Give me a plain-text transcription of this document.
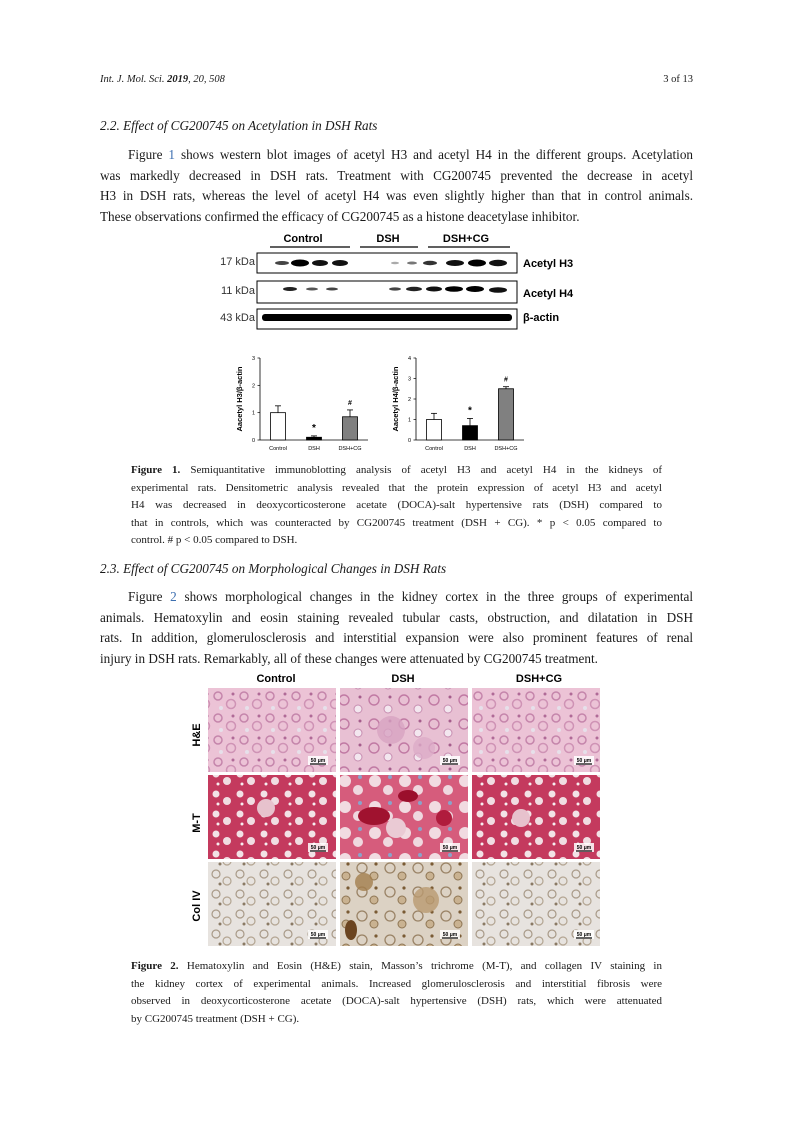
Int. J. Mol. Sci. 2019, 20, 508	3 of 13
2.2. Effect of CG200745 on Acetylation in DSH Rats
Figure 1 shows western blot images of acetyl H3 and acetyl H4 in the different groups. Acetylation
was markedly decreased in DSH rats. Treatment with CG200745 prevented the decrease in acetyl
H3 in DSH rats, whereas the level of acetyl H4 was even slightly higher than that in control animals.
These observations confirmed the efficacy of CG200745 as a histone deacetylase inhibitor.
Control	DSH	DSH+CG
17 kDa	Acetyl H3
11 kDa	Acetyl H4
43 kDa	β-actin
Aacetyl H3/β-actin
0
1
2
3
Control
*
DSH
#
DSH+CG
Aacetyl H4/β-actin
0
1
2
3
4
Control
*
DSH
#
DSH+CG
Figure 1. Semiquantitative immunoblotting analysis of acetyl H3 and acetyl H4 in the kidneys of
experimental rats. Densitometric analysis revealed that the protein expression of acetyl H3 and acetyl
H4 was decreased in deoxycorticosterone acetate (DOCA)-salt hypertensive rats (DSH) compared to
that in controls, which was counteracted by CG200745 treatment (DSH + CG). * p < 0.05 compared to
control. # p < 0.05 compared to DSH.
2.3. Effect of CG200745 on Morphological Changes in DSH Rats
Figure 2 shows morphological changes in the kidney cortex in the three groups of experimental
animals. Hematoxylin and eosin staining revealed tubular casts, obstruction, and dilatation in DSH
rats. In addition, glomerulosclerosis and interstitial expansion were also prominent features of renal
injury in DSH rats. Remarkably, all of these changes were attenuated by CG200745 treatment.
Control	DSH	DSH+CG
H&E
M-T
Col IV
50 μm	50 μm	50 μm
50 μm	50 μm	50 μm
50 μm	50 μm	50 μm
Figure 2. Hematoxylin and Eosin (H&E) stain, Masson’s trichrome (M-T), and collagen IV staining in
the kidney cortex of experimental animals. Increased glomerulosclerosis and interstitial fibrosis were
observed in deoxycorticosterone acetate (DOCA)-salt hypertensive (DSH) rats, which were attenuated
by CG200745 treatment (DSH + CG).
